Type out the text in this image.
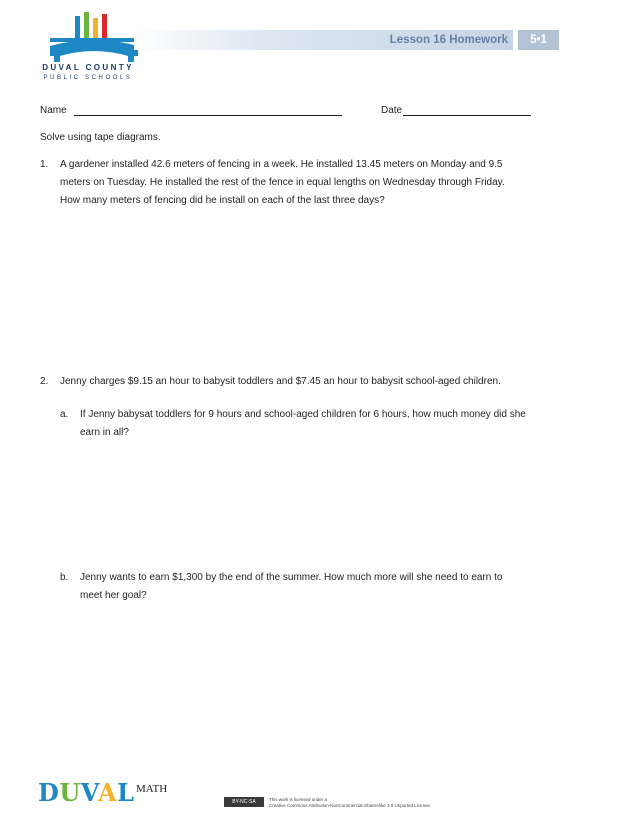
DUVAL COUNTY
PUBLIC SCHOOLS
Lesson 16 Homework	5•1
Name	Date
Solve using tape diagrams.
1. A gardener installed 42.6 meters of fencing in a week. He installed 13.45 meters on Monday and 9.5
meters on Tuesday. He installed the rest of the fence in equal lengths on Wednesday through Friday.
How many meters of fencing did he install on each of the last three days?
2. Jenny charges $9.15 an hour to babysit toddlers and $7.45 an hour to babysit school-aged children.
a. If Jenny babysat toddlers for 9 hours and school-aged children for 6 hours, how much money did she
earn in all?
b. Jenny wants to earn $1,300 by the end of the summer. How much more will she need to earn to
meet her goal?
DUVAL MATH
BY-NC-SA	This work is licensed under a
Creative Commons Attribution-NonCommercial-ShareAlike 3.0 Unported License.
